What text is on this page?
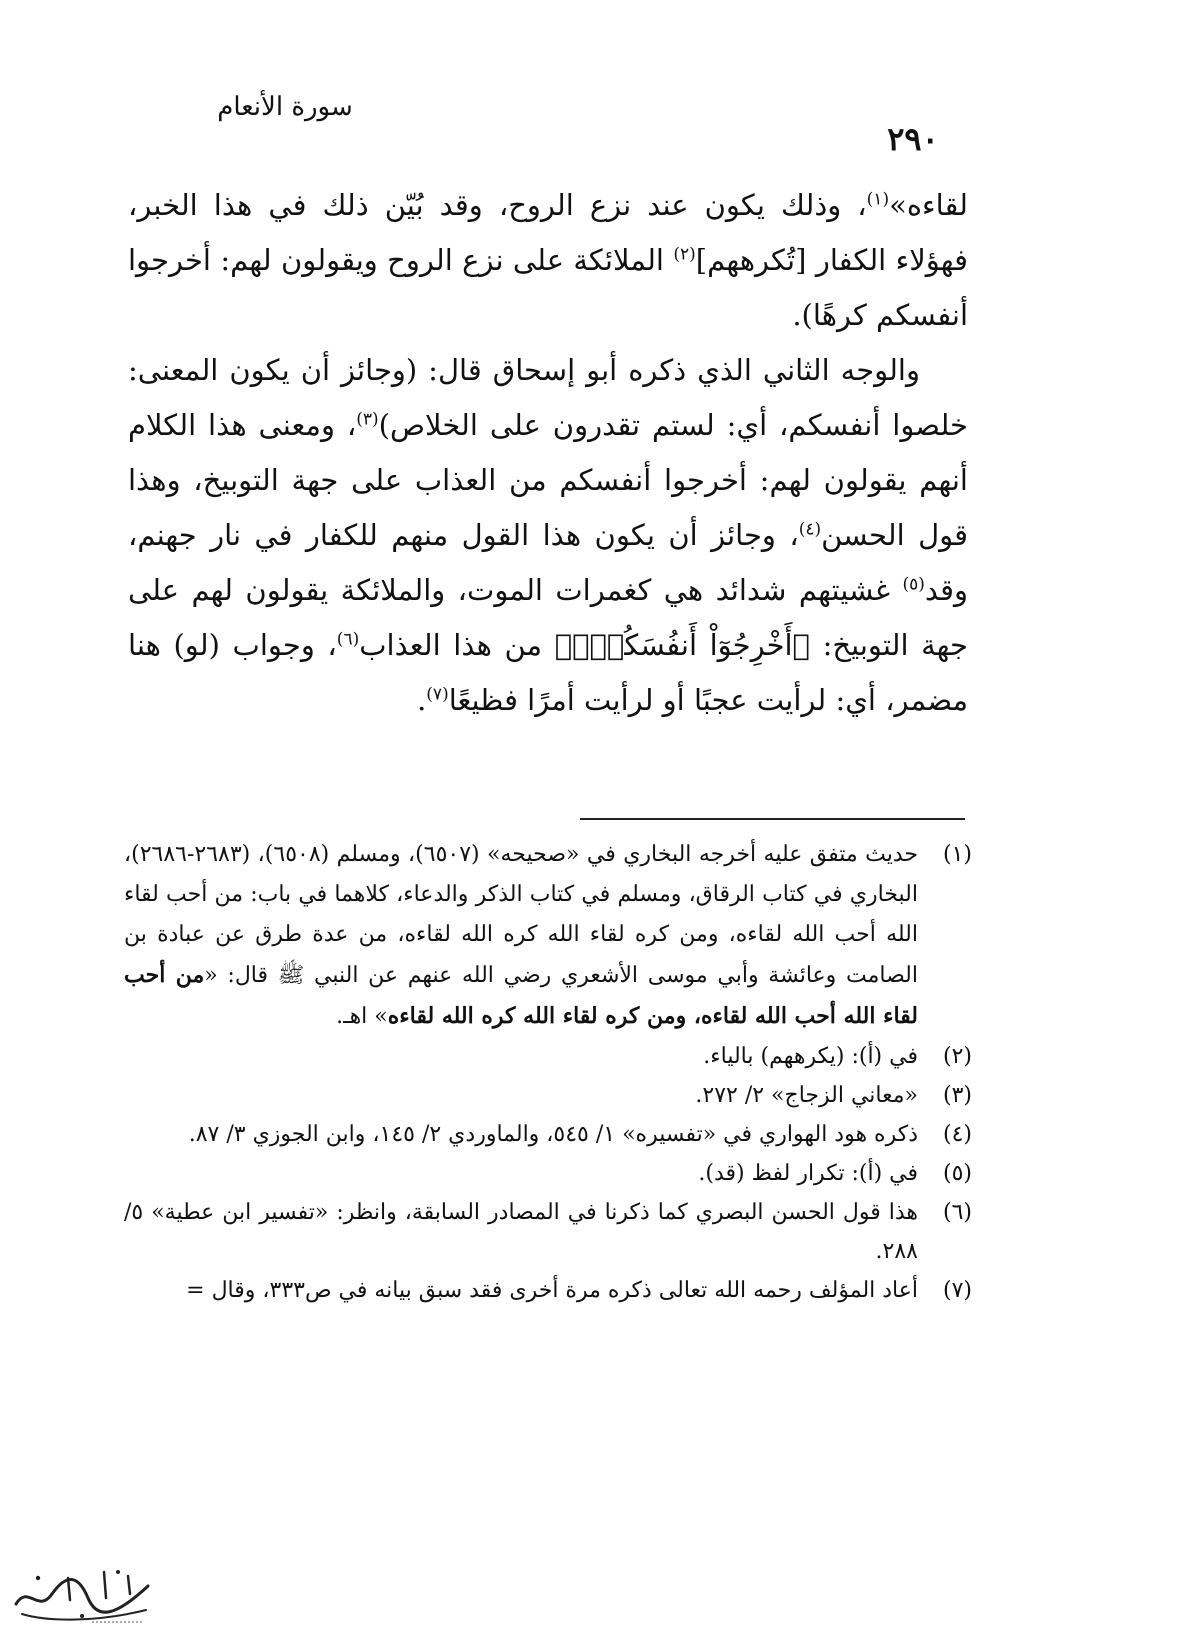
سورة الأنعام
٢٩٠

لقاءه»$^{(١)}$، وذلك يكون عند نزع الروح، وقد بُيّن ذلك في هذا الخبر، فهؤلاء الكفار [تُكرههم]$^{(٢)}$ الملائكة على نزع الروح ويقولون لهم: أخرجوا أنفسكم كرهًا).

والوجه الثاني الذي ذكره أبو إسحاق قال: (وجائز أن يكون المعنى: خلصوا أنفسكم، أي: لستم تقدرون على الخلاص)$^{(٣)}$، ومعنى هذا الكلام أنهم يقولون لهم: أخرجوا أنفسكم من العذاب على جهة التوبيخ، وهذا قول الحسن$^{(٤)}$، وجائز أن يكون هذا القول منهم للكفار في نار جهنم، وقد$^{(٥)}$ غشيتهم شدائد هي كغمرات الموت، والملائكة يقولون لهم على جهة التوبيخ: ﴿أَخْرِجُوٓاْ أَنفُسَكُمُۖ﴾ من هذا العذاب$^{(٦)}$، وجواب (لو) هنا مضمر، أي: لرأيت عجبًا أو لرأيت أمرًا فظيعًا$^{(٧)}$.

(١)
حديث متفق عليه أخرجه البخاري في «صحيحه» (٦٥٠٧)، ومسلم (٦٥٠٨)، (٢٦٨٣-٢٦٨٦)، البخاري في كتاب الرقاق، ومسلم في كتاب الذكر والدعاء، كلاهما في باب: من أحب لقاء الله أحب الله لقاءه، ومن كره لقاء الله كره الله لقاءه، من عدة طرق عن عبادة بن الصامت وعائشة وأبي موسى الأشعري رضي الله عنهم عن النبي ﷺ قال: «من أحب لقاء الله أحب الله لقاءه، ومن كره لقاء الله كره الله لقاءه» اهـ.
(٢)
في (أ): (يكرههم) بالياء.
(٣)
«معاني الزجاج» ٢/ ٢٧٢.
(٤)
ذكره هود الهواري في «تفسيره» ١/ ٥٤٥، والماوردي ٢/ ١٤٥، وابن الجوزي ٣/ ٨٧.
(٥)
في (أ): تكرار لفظ (قد).
(٦)
هذا قول الحسن البصري كما ذكرنا في المصادر السابقة، وانظر: «تفسير ابن عطية» ٥/ ٢٨٨.
(٧)
أعاد المؤلف رحمه الله تعالى ذكره مرة أخرى فقد سبق بيانه في ص٣٣٣، وقال =
